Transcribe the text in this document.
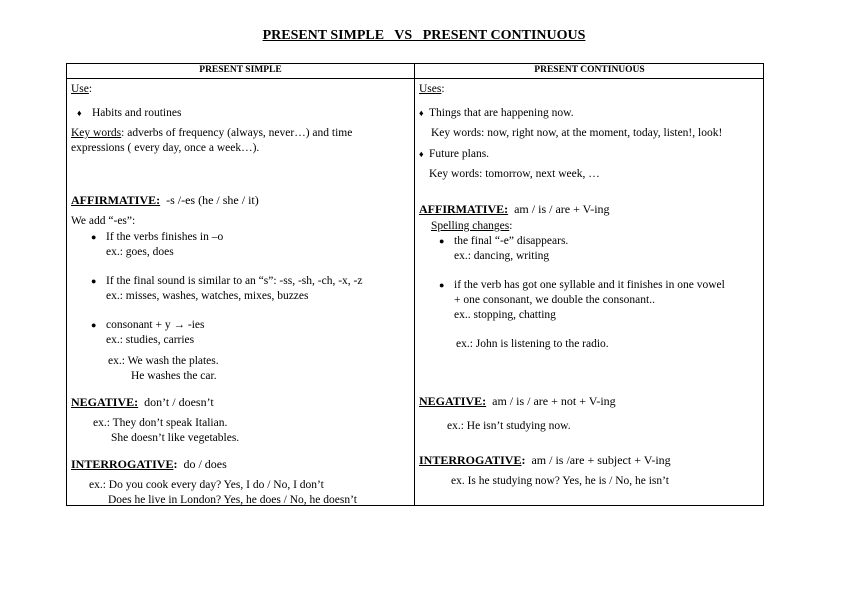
PRESENT SIMPLE   VS   PRESENT CONTINUOUS
PRESENT SIMPLE	PRESENT CONTINUOUS
Use:
♦ Habits and routines
Key words: adverbs of frequency (always, never…) and time
expressions ( every day, once a week…).
AFFIRMATIVE: -s /-es (he / she / it)
We add “-es”:
● If the verbs finishes in –o
ex.: goes, does
● If the final sound is similar to an “s”: -ss, -sh, -ch, -x, -z
ex.: misses, washes, watches, mixes, buzzes
● consonant + y → -ies
ex.: studies, carries
ex.: We wash the plates.
He washes the car.
NEGATIVE: don’t / doesn’t
ex.: They don’t speak Italian.
She doesn’t like vegetables.
INTERROGATIVE: do / does
ex.: Do you cook every day? Yes, I do / No, I don’t
Does he live in London? Yes, he does / No, he doesn’t
Uses:
♦ Things that are happening now.
Key words: now, right now, at the moment, today, listen!, look!
♦ Future plans.
Key words: tomorrow, next week, …
AFFIRMATIVE: am / is / are + V-ing
Spelling changes:
● the final “-e” disappears.
ex.: dancing, writing
● if the verb has got one syllable and it finishes in one vowel
+ one consonant, we double the consonant..
ex.. stopping, chatting
ex.: John is listening to the radio.
NEGATIVE: am / is / are + not + V-ing
ex.: He isn’t studying now.
INTERROGATIVE: am / is /are + subject + V-ing
ex. Is he studying now? Yes, he is / No, he isn’t
